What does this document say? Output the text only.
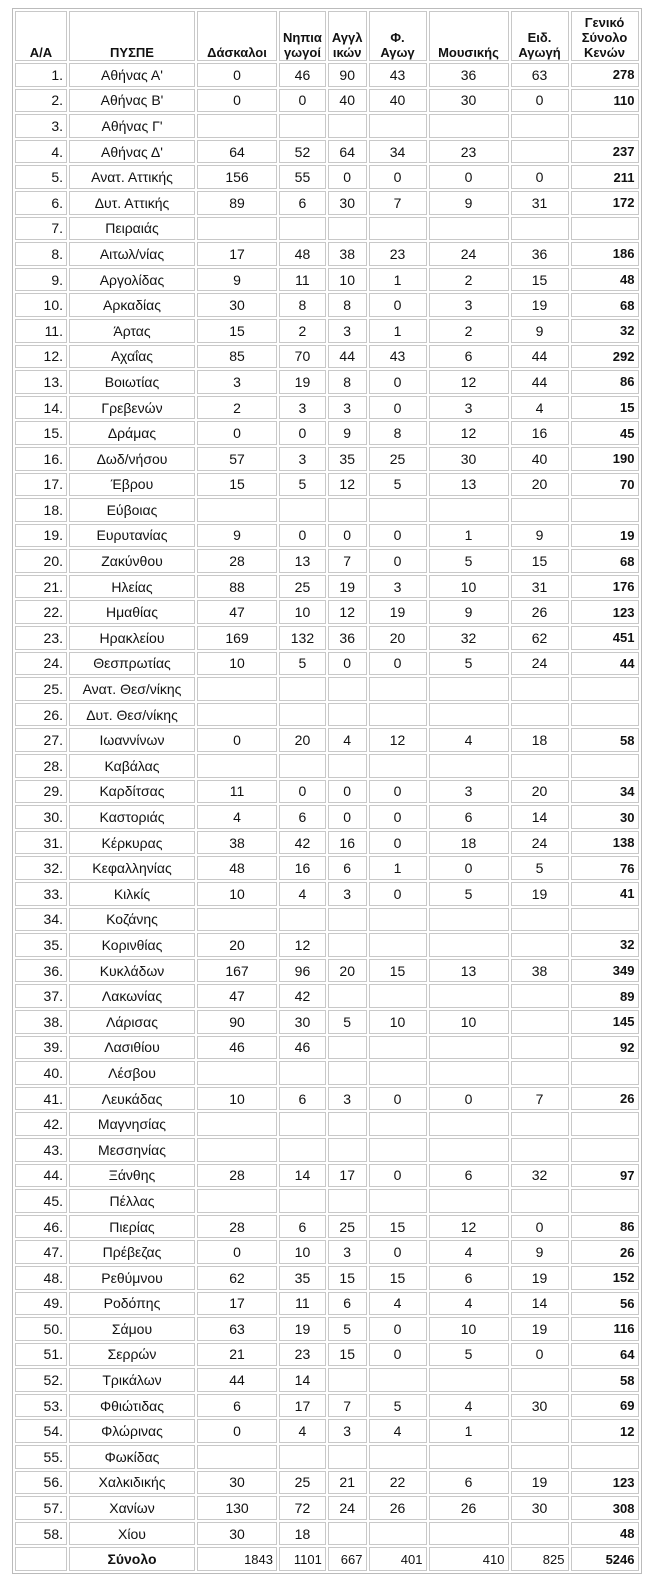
Α/Α	ΠΥΣΠΕ	Δάσκαλοι	Νηπια γωγοί	Αγγλ ικών	Φ. Αγωγ	Μουσικής	Ειδ. Αγωγή	Γενικό Σύνολο Κενών
1.	Αθήνας Α'	0	46	90	43	36	63	278
2.	Αθήνας Β'	0	0	40	40	30	0	110
3.	Αθήνας Γ'							
4.	Αθήνας Δ'	64	52	64	34	23		237
5.	Ανατ. Αττικής	156	55	0	0	0	0	211
6.	Δυτ. Αττικής	89	6	30	7	9	31	172
7.	Πειραιάς							
8.	Αιτωλ/νίας	17	48	38	23	24	36	186
9.	Αργολίδας	9	11	10	1	2	15	48
10.	Αρκαδίας	30	8	8	0	3	19	68
11.	Άρτας	15	2	3	1	2	9	32
12.	Αχαΐας	85	70	44	43	6	44	292
13.	Βοιωτίας	3	19	8	0	12	44	86
14.	Γρεβενών	2	3	3	0	3	4	15
15.	Δράμας	0	0	9	8	12	16	45
16.	Δωδ/νήσου	57	3	35	25	30	40	190
17.	Έβρου	15	5	12	5	13	20	70
18.	Εύβοιας							
19.	Ευρυτανίας	9	0	0	0	1	9	19
20.	Ζακύνθου	28	13	7	0	5	15	68
21.	Ηλείας	88	25	19	3	10	31	176
22.	Ημαθίας	47	10	12	19	9	26	123
23.	Ηρακλείου	169	132	36	20	32	62	451
24.	Θεσπρωτίας	10	5	0	0	5	24	44
25.	Ανατ. Θεσ/νίκης							
26.	Δυτ. Θεσ/νίκης							
27.	Ιωαννίνων	0	20	4	12	4	18	58
28.	Καβάλας							
29.	Καρδίτσας	11	0	0	0	3	20	34
30.	Καστοριάς	4	6	0	0	6	14	30
31.	Κέρκυρας	38	42	16	0	18	24	138
32.	Κεφαλληνίας	48	16	6	1	0	5	76
33.	Κιλκίς	10	4	3	0	5	19	41
34.	Κοζάνης							
35.	Κορινθίας	20	12					32
36.	Κυκλάδων	167	96	20	15	13	38	349
37.	Λακωνίας	47	42					89
38.	Λάρισας	90	30	5	10	10		145
39.	Λασιθίου	46	46					92
40.	Λέσβου							
41.	Λευκάδας	10	6	3	0	0	7	26
42.	Μαγνησίας							
43.	Μεσσηνίας							
44.	Ξάνθης	28	14	17	0	6	32	97
45.	Πέλλας							
46.	Πιερίας	28	6	25	15	12	0	86
47.	Πρέβεζας	0	10	3	0	4	9	26
48.	Ρεθύμνου	62	35	15	15	6	19	152
49.	Ροδόπης	17	11	6	4	4	14	56
50.	Σάμου	63	19	5	0	10	19	116
51.	Σερρών	21	23	15	0	5	0	64
52.	Τρικάλων	44	14					58
53.	Φθιώτιδας	6	17	7	5	4	30	69
54.	Φλώρινας	0	4	3	4	1		12
55.	Φωκίδας							
56.	Χαλκιδικής	30	25	21	22	6	19	123
57.	Χανίων	130	72	24	26	26	30	308
58.	Χίου	30	18					48
	Σύνολο	1843	1101	667	401	410	825	5246
